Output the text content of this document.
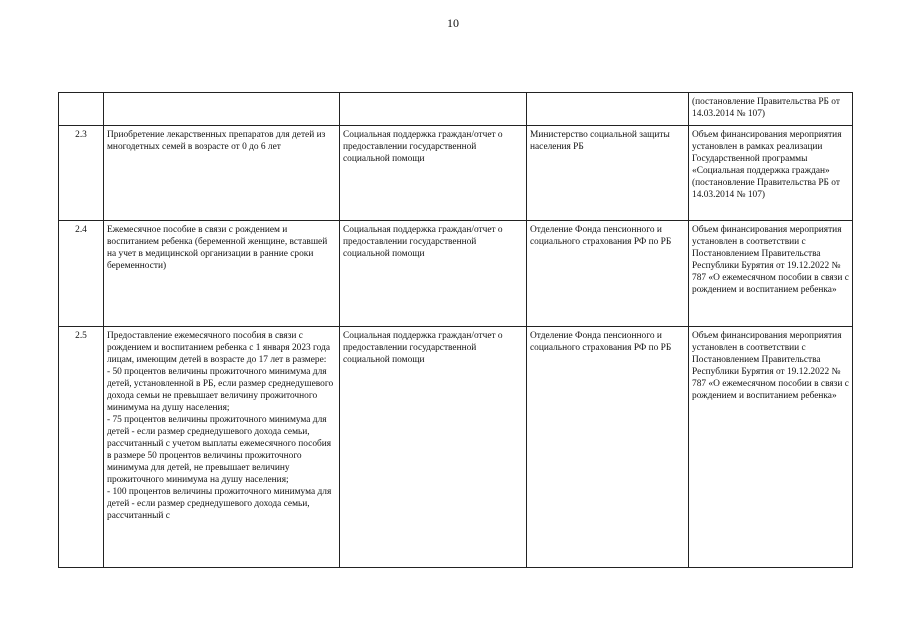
10
				(постановление Правительства РБ от 14.03.2014 № 107)
2.3	Приобретение лекарственных препаратов для детей из многодетных семей в возрасте от 0 до 6 лет	Социальная поддержка граждан/отчет о предоставлении государственной социальной помощи	Министерство социальной защиты населения РБ	Объем финансирования мероприятия установлен в рамках реализации Государственной программы «Социальная поддержка граждан» (постановление Правительства РБ от 14.03.2014 № 107)
2.4	Ежемесячное пособие в связи с рождением и воспитанием ребенка (беременной женщине, вставшей на учет в медицинской организации в ранние сроки беременности)	Социальная поддержка граждан/отчет о предоставлении государственной социальной помощи	Отделение Фонда пенсионного и социального страхования РФ по РБ	Объем финансирования мероприятия установлен в соответствии с Постановлением Правительства Республики Бурятия от 19.12.2022 № 787 «О ежемесячном пособии в связи с рождением и воспитанием ребенка»
2.5	Предоставление ежемесячного пособия в связи с рождением и воспитанием ребенка с 1 января 2023 года лицам, имеющим детей в возрасте до 17 лет в размере:
- 50 процентов величины прожиточного минимума для детей, установленной в РБ, если размер среднедушевого дохода семьи не превышает величину прожиточного минимума на душу населения;
- 75 процентов величины прожиточного минимума для детей - если размер среднедушевого дохода семьи, рассчитанный с учетом выплаты ежемесячного пособия в размере 50 процентов величины прожиточного минимума для детей, не превышает величину прожиточного минимума на душу населения;
- 100 процентов величины прожиточного минимума для детей - если размер среднедушевого дохода семьи, рассчитанный с	Социальная поддержка граждан/отчет о предоставлении государственной социальной помощи	Отделение Фонда пенсионного и социального страхования РФ по РБ	Объем финансирования мероприятия установлен в соответствии с Постановлением Правительства Республики Бурятия от 19.12.2022 № 787 «О ежемесячном пособии в связи с рождением и воспитанием ребенка»
